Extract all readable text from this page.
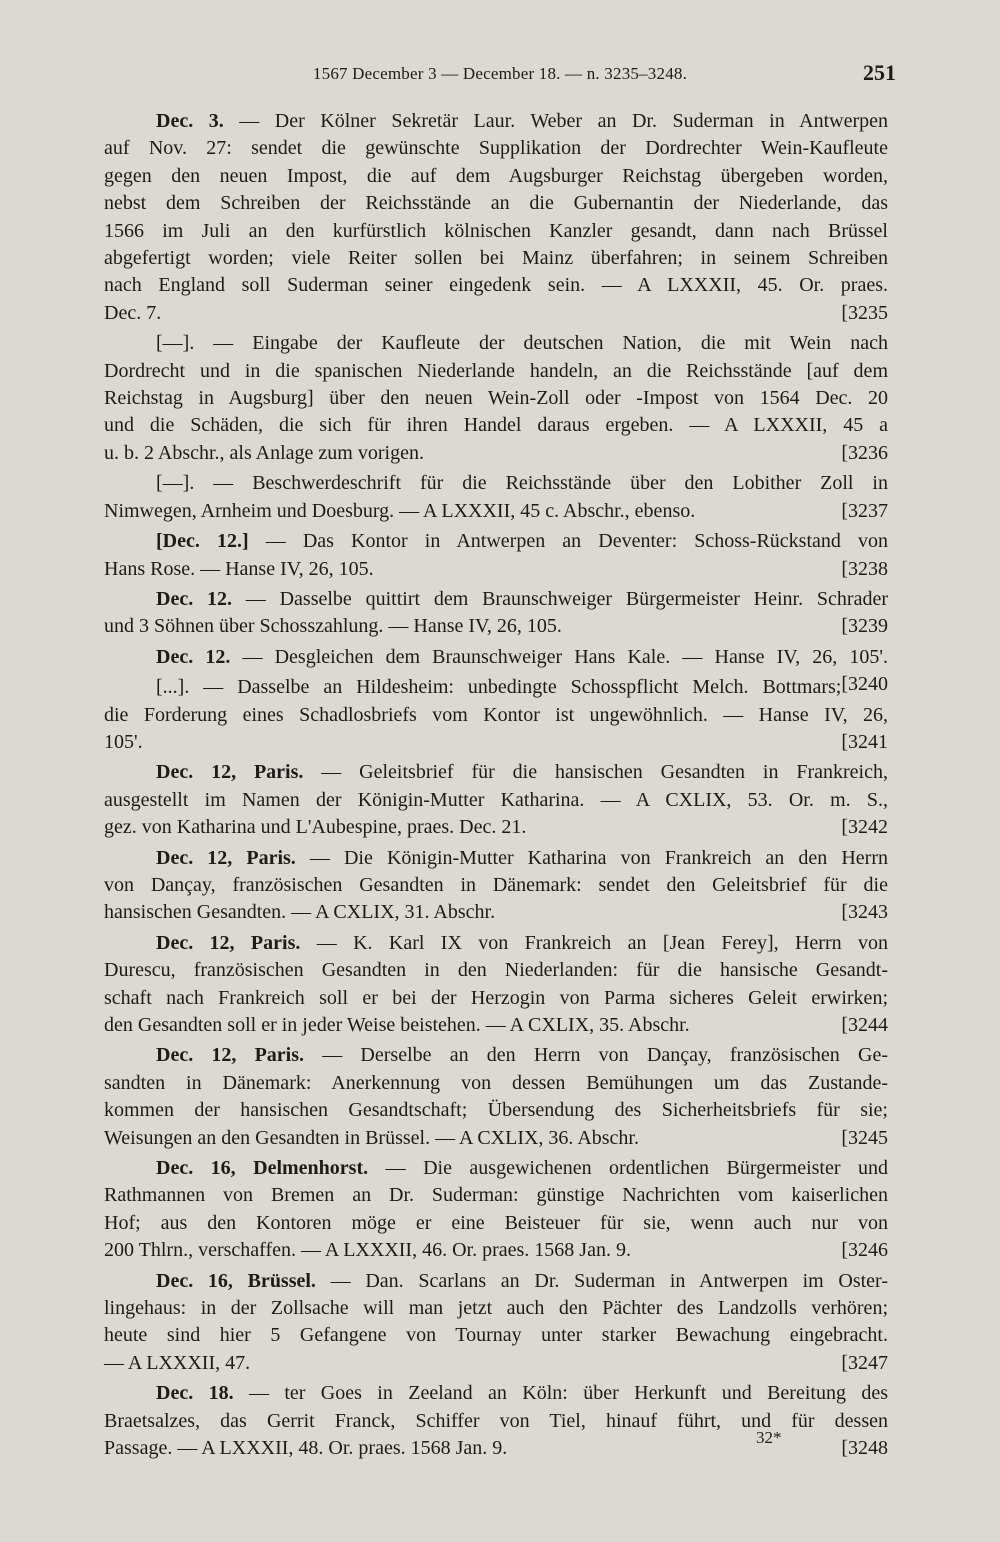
1567 December 3 — December 18. — n. 3235–3248.	251
Dec. 3. — Der Kölner Sekretär Laur. Weber an Dr. Suderman in Antwerpen
auf Nov. 27: sendet die gewünschte Supplikation der Dordrechter Wein-Kaufleute
gegen den neuen Impost, die auf dem Augsburger Reichstag übergeben worden,
nebst dem Schreiben der Reichsstände an die Gubernantin der Niederlande, das
1566 im Juli an den kurfürstlich kölnischen Kanzler gesandt, dann nach Brüssel
abgefertigt worden; viele Reiter sollen bei Mainz überfahren; in seinem Schreiben
nach England soll Suderman seiner eingedenk sein. — A LXXXII, 45. Or. praes.
Dec. 7.	[3235
[—]. — Eingabe der Kaufleute der deutschen Nation, die mit Wein nach
Dordrecht und in die spanischen Niederlande handeln, an die Reichsstände [auf dem
Reichstag in Augsburg] über den neuen Wein-Zoll oder -Impost von 1564 Dec. 20
und die Schäden, die sich für ihren Handel daraus ergeben. — A LXXXII, 45 a
u. b. 2 Abschr., als Anlage zum vorigen.	[3236
[—]. — Beschwerdeschrift für die Reichsstände über den Lobither Zoll in
Nimwegen, Arnheim und Doesburg. — A LXXXII, 45 c. Abschr., ebenso.	[3237
[Dec. 12.] — Das Kontor in Antwerpen an Deventer: Schoss-Rückstand von
Hans Rose. — Hanse IV, 26, 105.	[3238
Dec. 12. — Dasselbe quittirt dem Braunschweiger Bürgermeister Heinr. Schrader
und 3 Söhnen über Schosszahlung. — Hanse IV, 26, 105.	[3239
Dec. 12. — Desgleichen dem Braunschweiger Hans Kale. — Hanse IV, 26, 105'.
[3240
[...]. — Dasselbe an Hildesheim: unbedingte Schosspflicht Melch. Bottmars;
die Forderung eines Schadlosbriefs vom Kontor ist ungewöhnlich. — Hanse IV, 26,
105'.	[3241
Dec. 12, Paris. — Geleitsbrief für die hansischen Gesandten in Frankreich,
ausgestellt im Namen der Königin-Mutter Katharina. — A CXLIX, 53. Or. m. S.,
gez. von Katharina und L'Aubespine, praes. Dec. 21.	[3242
Dec. 12, Paris. — Die Königin-Mutter Katharina von Frankreich an den Herrn
von Dançay, französischen Gesandten in Dänemark: sendet den Geleitsbrief für die
hansischen Gesandten. — A CXLIX, 31. Abschr.	[3243
Dec. 12, Paris. — K. Karl IX von Frankreich an [Jean Ferey], Herrn von
Durescu, französischen Gesandten in den Niederlanden: für die hansische Gesandt-
schaft nach Frankreich soll er bei der Herzogin von Parma sicheres Geleit erwirken;
den Gesandten soll er in jeder Weise beistehen. — A CXLIX, 35. Abschr.	[3244
Dec. 12, Paris. — Derselbe an den Herrn von Dançay, französischen Ge-
sandten in Dänemark: Anerkennung von dessen Bemühungen um das Zustande-
kommen der hansischen Gesandtschaft; Übersendung des Sicherheitsbriefs für sie;
Weisungen an den Gesandten in Brüssel. — A CXLIX, 36. Abschr.	[3245
Dec. 16, Delmenhorst. — Die ausgewichenen ordentlichen Bürgermeister und
Rathmannen von Bremen an Dr. Suderman: günstige Nachrichten vom kaiserlichen
Hof; aus den Kontoren möge er eine Beisteuer für sie, wenn auch nur von
200 Thlrn., verschaffen. — A LXXXII, 46. Or. praes. 1568 Jan. 9.	[3246
Dec. 16, Brüssel. — Dan. Scarlans an Dr. Suderman in Antwerpen im Oster-
lingehaus: in der Zollsache will man jetzt auch den Pächter des Landzolls verhören;
heute sind hier 5 Gefangene von Tournay unter starker Bewachung eingebracht.
— A LXXXII, 47.	[3247
Dec. 18. — ter Goes in Zeeland an Köln: über Herkunft und Bereitung des
Braetsalzes, das Gerrit Franck, Schiffer von Tiel, hinauf führt, und für dessen
Passage. — A LXXXII, 48. Or. praes. 1568 Jan. 9.	[3248
32*
